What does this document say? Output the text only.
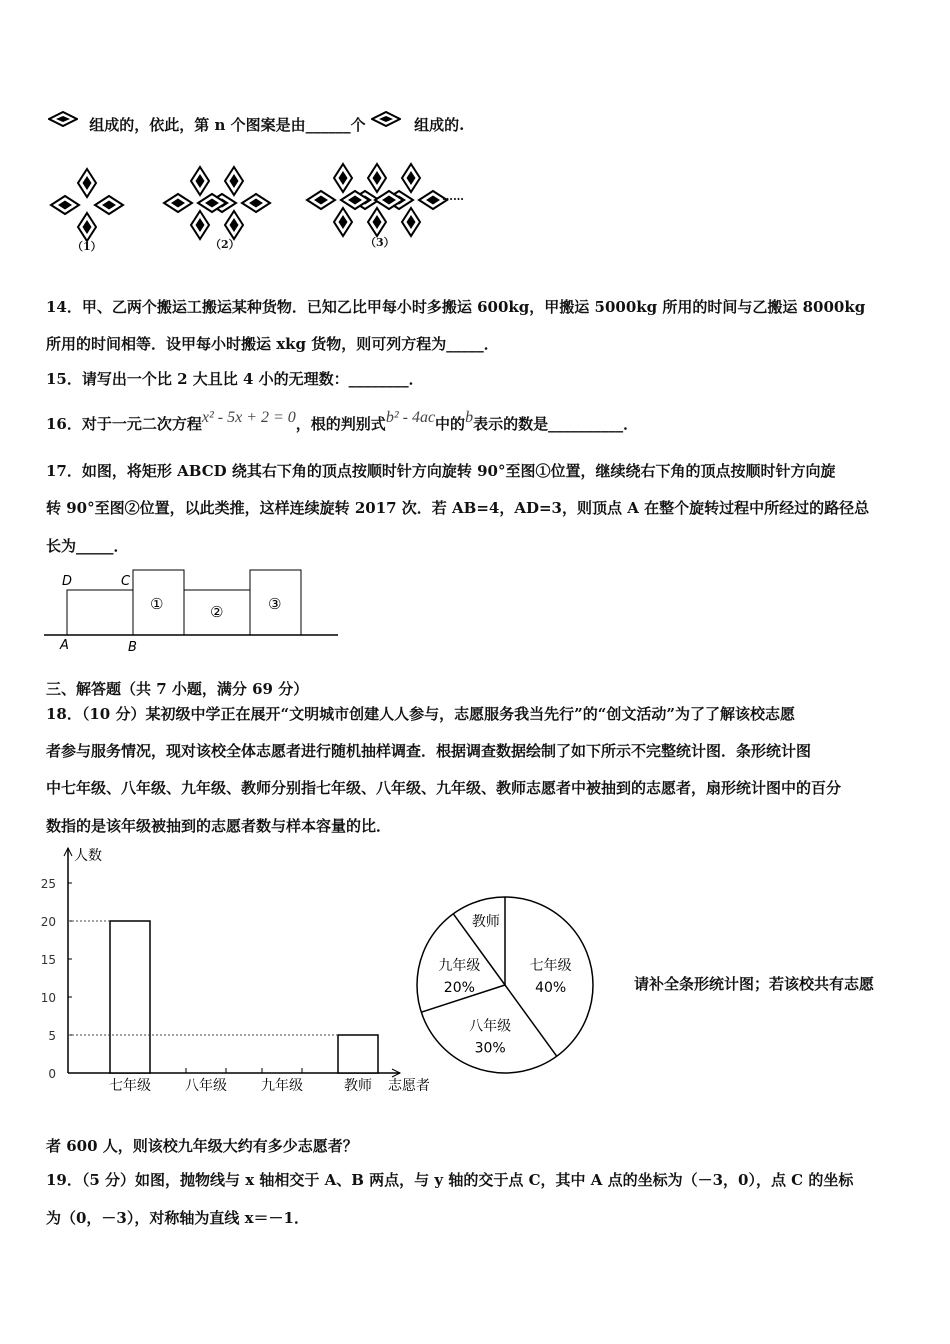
组成的，依此，第 n 个图案是由______个	组成的.
（1）	（2）	（3）
……
14．甲、乙两个搬运工搬运某种货物．已知乙比甲每小时多搬运 600kg，甲搬运 5000kg 所用的时间与乙搬运 8000kg
所用的时间相等．设甲每小时搬运 xkg 货物，则可列方程为_____．
15．请写出一个比 2 大且比 4 小的无理数：________．
16．对于一元二次方程x² - 5x + 2 = 0，根的判别式b² - 4ac中的b表示的数是__________．
17．如图，将矩形 ABCD 绕其右下角的顶点按顺时针方向旋转 90°至图①位置，继续绕右下角的顶点按顺时针方向旋
转 90°至图②位置，以此类推，这样连续旋转 2017 次．若 AB=4，AD=3，则顶点 A 在整个旋转过程中所经过的路径总
长为_____．
D	C
A	B
①	②	③
三、解答题（共 7 小题，满分 69 分）
18．（10 分）某初级中学正在展开“文明城市创建人人参与，志愿服务我当先行”的“创文活动”为了了解该校志愿
者参与服务情况，现对该校全体志愿者进行随机抽样调查．根据调查数据绘制了如下所示不完整统计图．条形统计图
中七年级、八年级、九年级、教师分别指七年级、八年级、九年级、教师志愿者中被抽到的志愿者，扇形统计图中的百分
数指的是该年级被抽到的志愿者数与样本容量的比．
人数
志愿者
0
5
10
15
20
25
七年级 八年级 九年级	教师
七年级
40%
八年级
30%
九年级
20%
教师
请补全条形统计图；若该校共有志愿
者 600 人，则该校九年级大约有多少志愿者？
19．（5 分）如图，抛物线与 x 轴相交于 A、B 两点，与 y 轴的交于点 C，其中 A 点的坐标为（－3，0），点 C 的坐标
为（0，－3），对称轴为直线 x＝－1．
